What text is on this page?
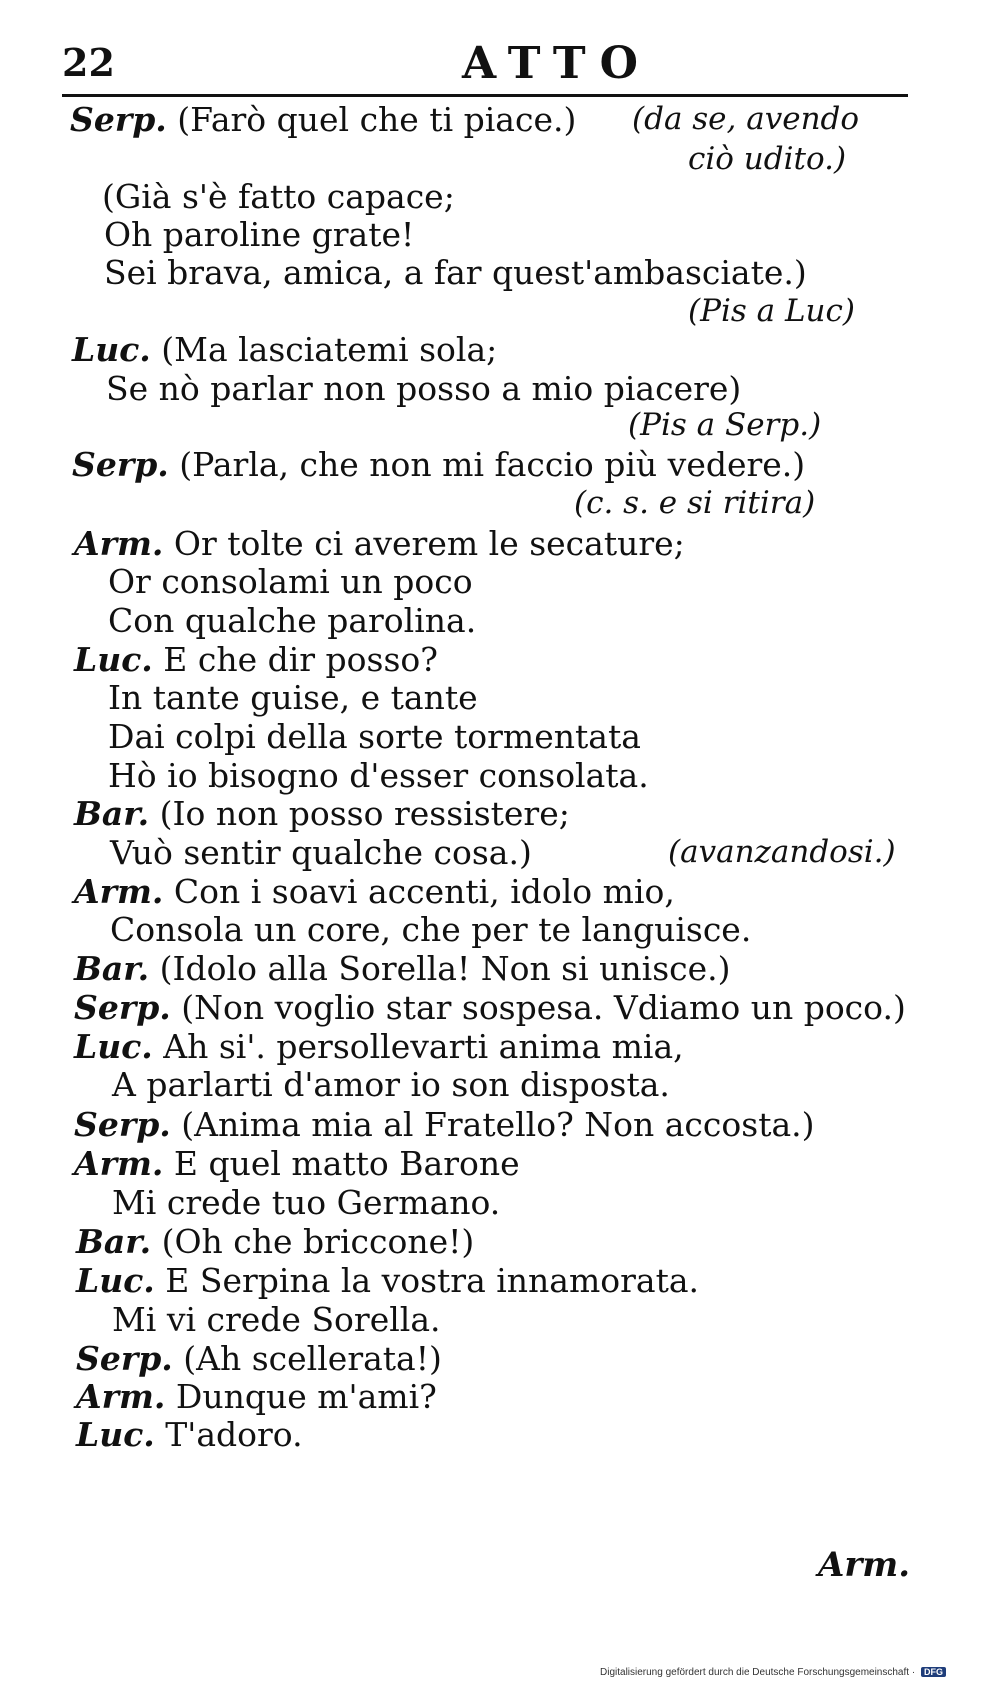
22	ATTO
Serp. (Farò quel che ti piace.)
(Già s'è fatto capace;
Oh paroline grate!
Sei brava, amica, a far quest'ambasciate.)
Luc. (Ma lasciatemi sola;
Se nò parlar non posso a mio piacere)
Serp. (Parla, che non mi faccio più vedere.)
Arm. Or tolte ci averem le secature;
Or consolami un poco
Con qualche parolina.
Luc. E che dir posso?
In tante guise, e tante
Dai colpi della sorte tormentata
Hò io bisogno d'esser consolata.
Bar. (Io non posso ressistere;
Vuò sentir qualche cosa.)
Arm. Con i soavi accenti, idolo mio,
Consola un core, che per te languisce.
Bar. (Idolo alla Sorella! Non si unisce.)
Serp. (Non voglio star sospesa. Vdiamo un poco.)
Luc. Ah si'. persollevarti anima mia,
A parlarti d'amor io son disposta.
Serp. (Anima mia al Fratello? Non accosta.)
Arm. E quel matto Barone
Mi crede tuo Germano.
Bar. (Oh che briccone!)
Luc. E Serpina la vostra innamorata.
Mi vi crede Sorella.
Serp. (Ah scellerata!)
Arm. Dunque m'ami?
Luc. T'adoro.
(da se, avendo
ciò udito.)
(Pis a Luc)
(Pis a Serp.)
(c. s. e si ritira)
(avanzandosi.)
Arm.
Digitalisierung gefördert durch die Deutsche Forschungsgemeinschaft · DFG
